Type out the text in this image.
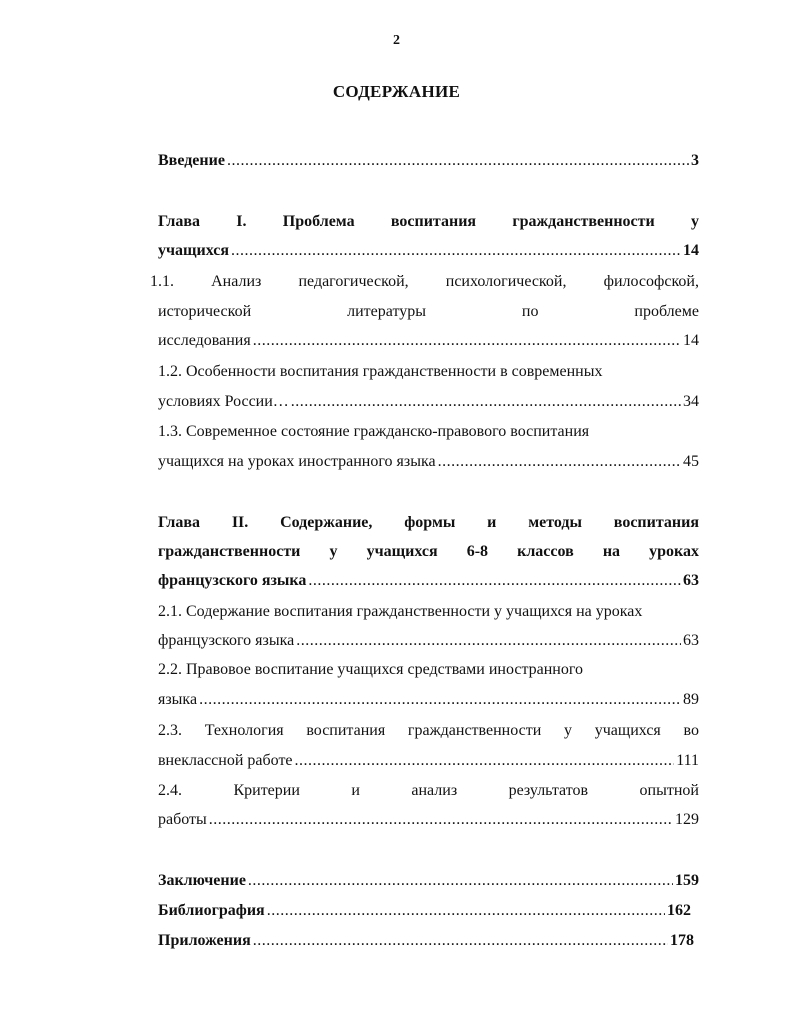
2
СОДЕРЖАНИЕ
Введение .....	3
Глава I. Проблема воспитания гражданственности у
учащихся .....	14
1.1. Анализ педагогической, психологической, философской,
исторической	литературы	по	проблеме
исследования .....	14
1.2. Особенности воспитания гражданственности в современных
условиях России… .....	34
1.3. Современное состояние гражданско-правового воспитания
учащихся на уроках иностранного языка .....	45
Глава II. Содержание, формы и методы воспитания
гражданственности у учащихся 6-8 классов на уроках
французского языка .....	63
2.1. Содержание воспитания гражданственности у учащихся на уроках
французского языка .....	63
2.2. Правовое воспитание учащихся средствами иностранного
языка .....	89
2.3. Технология воспитания гражданственности у учащихся во
внеклассной работе .....	111
2.4.	Критерии	и	анализ	результатов	опытной
работы .....	129
Заключение .....	159
Библиография .....	162
Приложения .....	178
